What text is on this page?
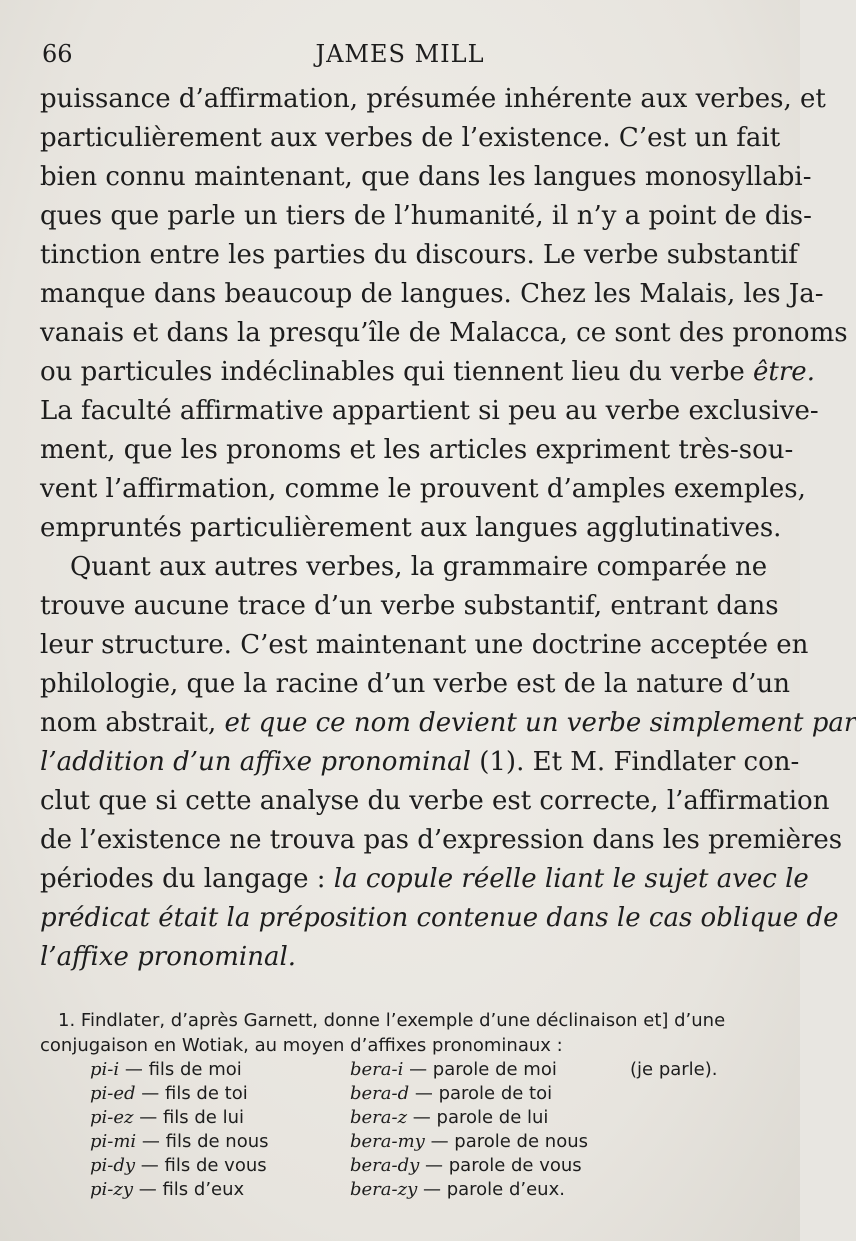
66	JAMES MILL
puissance d’affirmation, présumée inhérente aux verbes, et
particulièrement aux verbes de l’existence. C’est un fait
bien connu maintenant, que dans les langues monosyllabi-
ques que parle un tiers de l’humanité, il n’y a point de dis-
tinction entre les parties du discours. Le verbe substantif
manque dans beaucoup de langues. Chez les Malais, les Ja-
vanais et dans la presqu’île de Malacca, ce sont des pronoms
ou particules indéclinables qui tiennent lieu du verbe être.
La faculté affirmative appartient si peu au verbe exclusive-
ment, que les pronoms et les articles expriment très-sou-
vent l’affirmation, comme le prouvent d’amples exemples,
empruntés particulièrement aux langues agglutinatives.
Quant aux autres verbes, la grammaire comparée ne
trouve aucune trace d’un verbe substantif, entrant dans
leur structure. C’est maintenant une doctrine acceptée en
philologie, que la racine d’un verbe est de la nature d’un
nom abstrait, et que ce nom devient un verbe simplement par
l’addition d’un affixe pronominal (1). Et M. Findlater con-
clut que si cette analyse du verbe est correcte, l’affirmation
de l’existence ne trouva pas d’expression dans les premières
périodes du langage : la copule réelle liant le sujet avec le
prédicat était la préposition contenue dans le cas oblique de
l’affixe pronominal.
1. Findlater, d’après Garnett, donne l’exemple d’une déclinaison et] d’une
conjugaison en Wotiak, au moyen d’affixes pronominaux :
pi-i — fils de moi	bera-i — parole de moi	(je parle).
pi-ed — fils de toi	bera-d — parole de toi
pi-ez — fils de lui	bera-z — parole de lui
pi-mi — fils de nous	bera-my — parole de nous
pi-dy — fils de vous	bera-dy — parole de vous
pi-zy — fils d’eux	bera-zy — parole d’eux.
